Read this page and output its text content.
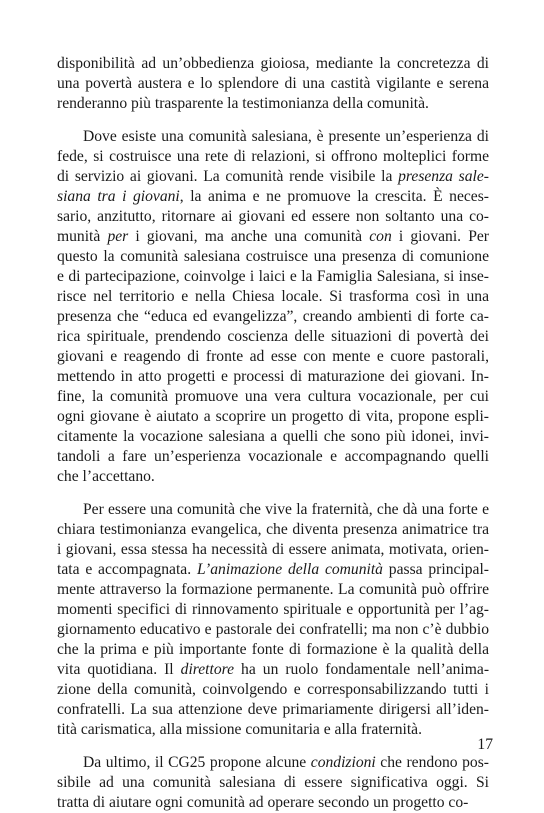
disponibilità ad un’obbedienza gioiosa, mediante la concretezza di
una povertà austera e lo splendore di una castità vigilante e serena
renderanno più trasparente la testimonianza della comunità.

Dove esiste una comunità salesiana, è presente un’esperienza di
fede, si costruisce una rete di relazioni, si offrono molteplici forme
di servizio ai giovani. La comunità rende visibile la presenza sale-
siana tra i giovani, la anima e ne promuove la crescita. È neces-
sario, anzitutto, ritornare ai giovani ed essere non soltanto una co-
munità per i giovani, ma anche una comunità con i giovani. Per
questo la comunità salesiana costruisce una presenza di comunione
e di partecipazione, coinvolge i laici e la Famiglia Salesiana, si inse-
risce nel territorio e nella Chiesa locale. Si trasforma così in una
presenza che “educa ed evangelizza”, creando ambienti di forte ca-
rica spirituale, prendendo coscienza delle situazioni di povertà dei
giovani e reagendo di fronte ad esse con mente e cuore pastorali,
mettendo in atto progetti e processi di maturazione dei giovani. In-
fine, la comunità promuove una vera cultura vocazionale, per cui
ogni giovane è aiutato a scoprire un progetto di vita, propone espli-
citamente la vocazione salesiana a quelli che sono più idonei, invi-
tandoli a fare un’esperienza vocazionale e accompagnando quelli
che l’accettano.

Per essere una comunità che vive la fraternità, che dà una forte e
chiara testimonianza evangelica, che diventa presenza animatrice tra
i giovani, essa stessa ha necessità di essere animata, motivata, orien-
tata e accompagnata. L’animazione della comunità passa principal-
mente attraverso la formazione permanente. La comunità può offrire
momenti specifici di rinnovamento spirituale e opportunità per l’ag-
giornamento educativo e pastorale dei confratelli; ma non c’è dubbio
che la prima e più importante fonte di formazione è la qualità della
vita quotidiana. Il direttore ha un ruolo fondamentale nell’anima-
zione della comunità, coinvolgendo e corresponsabilizzando tutti i
confratelli. La sua attenzione deve primariamente dirigersi all’iden-
tità carismatica, alla missione comunitaria e alla fraternità.

Da ultimo, il CG25 propone alcune condizioni che rendono pos-
sibile ad una comunità salesiana di essere significativa oggi. Si
tratta di aiutare ogni comunità ad operare secondo un progetto co-

17
